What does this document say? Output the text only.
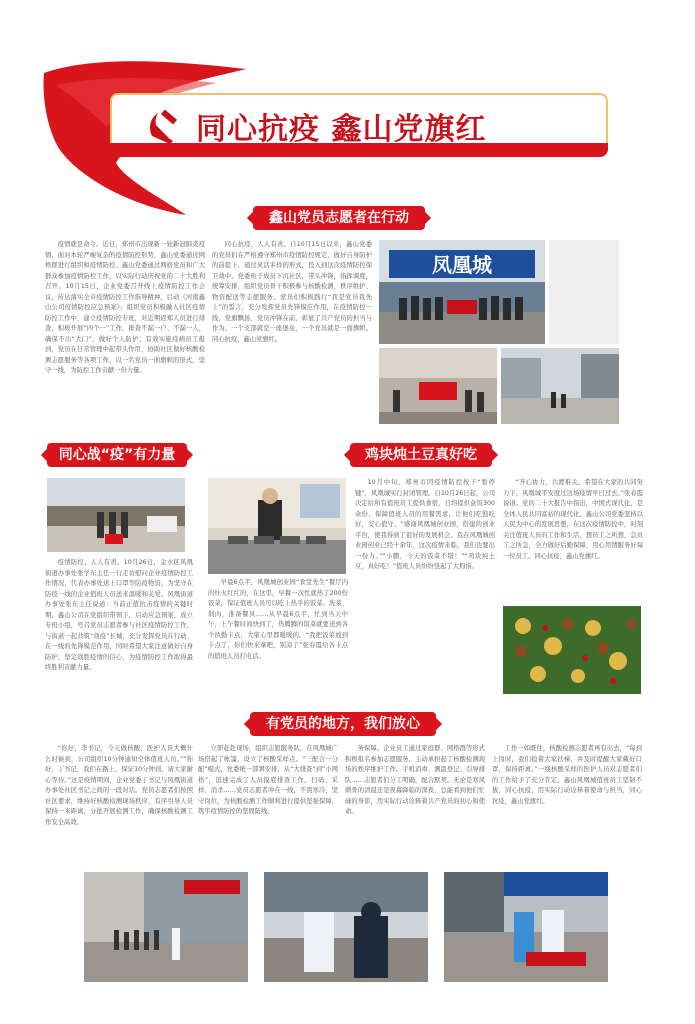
同心抗疫 鑫山党旗红
鑫山党员志愿者在行动

疫情就是命令。近日，郑州市出现新一轮新冠肺炎疫情，面对本轮严峻复杂的疫情防控形势，鑫山党委通过网格群进行组织和疫情防控。鑫山党委通过网格党员和广大群众参加疫情防控工作，以实际行动庆祝党的二十大胜利召开。10月15日，企业党委召开线上疫情防控工作会议，传达落实全市疫情防控工作指导精神，启动《河南鑫山公司疫情防控应急预案》；组织党员积极融入社区疫情防控工作中，建立疫情防控专班，对近期返郑人员进行排查，积极开展“四个一”工作，排查不漏一户、不漏一人，确保不出“大门”，做好个人防护；有效实施疫病员工报到，党员在日常管理中起带头作用，协助社区做好核酸检测志愿服务等各项工作，以一名党员一面旗帜的形式，坚守一线，为防控工作贡献一份力量。

同心抗疫，人人有责。自10月15日以来，鑫山党委的党员们在严格遵守郑州市疫情防控规定，做好自身防护的前提下，通过灵活多样的形式，投入到这次疫情防控保卫战中。党委班子成员下沉社区，带头冲锋，指挥调度，统筹安排，组织党员骨干积极参与核酸检测、秩序维护、物资配送等志愿服务。党员们积极践行“我是党员我先上”的誓言，充分发挥党员先锋模范作用，在疫情防控一线，党旗飘扬、党员冲锋在前，彰显了共产党员的担当与作为。一个支部就是一座堡垒，一个党员就是一面旗帜。同心抗疫，鑫山党旗红。

凤凰城
同心战“疫”有力量

疫情防控，人人有责。10月26日，金水区风凰街道办事处张学东主任一行走访慰问企业疫情防控工作情况，代表办事处送上口罩等防疫物资，为坚守在防疫一线的企业值班人员送来温暖和关爱。风凰街道办事处张东主任说道：当前正值抗击疫情的关键时期，鑫山公司在党组织带领下，启动应急预案，成立专班小组，号召党员志愿者参与社区疫情防控工作，与街道一起共筑“战疫”长城，充分发挥党员在行动、在一线的先锋模范作用，同时希望大家注意做好自身防护，坚定战胜疫情的信心，为疫情防控工作取得最终胜利贡献力量。

鸡块炖土豆真好吃

早晨6点半，风凰城创业园“食堂先生”餐厅内的灶火红红的，在这里，早餐一次性就热了200份饭菜，保证值班人员可以吃上热乎的饭菜。洗菜、剁肉、准备餐具……从早晨6点半，忙到当天中午，上午餐时间快到了，热腾腾的饭菜就要送到各个执勤卡点，大家心里都暖暖的。“我把饭菜放到卡点了，你们快来拿吧，别凉了”张春霞给各卡点的值班人员打电话。

10月中旬，郑州市因疫情防控按下“暂停键”，风凰城实行封闭管理。自10月26日起，公司决定给所有值班员工提供食宿，日均提供盒饭300余份，保障值班人员的用餐需求，让他们吃饱吃好，安心值守。“感谢风凰城创业园，搭建的创业平台，使我得到了很好的发展机会。我在风凰城创业园创业已经十余年，这次疫情来临，我们也要出一份力。”“小鹏，今天的饭菜不错！”“鸡块炖土豆，真好吃！”值班人员纷纷竖起了大拇指。

“齐心协力，共渡难关。希望在大家的共同努力下，风凰城平安度过这场疫情早日过去。”张春霞说道。党的二十大报告中指出，中国式现代化，是全体人民共同富裕的现代化。鑫山公司党委坚持以人民为中心的发展思想，在这次疫情防控中，时刻关注值班人员的工作和生活，想员工之所想，急员工之所急，全力做好后勤保障，用心用情服务好每一位员工。同心抗疫，鑫山党旗红。

有党员的地方，我们放心

“你好，李书记，今天做核酸，医护人员大概什么时候到，公司组织10分钟通知全体值班人员。”“你好，丁书记，我们在路上，保证10分钟到，请大家耐心等待。”这是疫情期间，企业党委丁书记与风凰街道办事处社区书记之间的一段对话。党员志愿者们按照社区要求，维持好核酸检测现场秩序，有序引导人员保持一米距离，分批开展检测工作，确保核酸检测工作安全高效。

立即赶赴现场，组织志愿服务队，在风凰城广场搭起了帐篷，设立了核酸采样点。“三配合一分配”模式，党委统一部署安排，从“大排查”到“小网格”，迅速完成了人员摸底排查工作。扫码、采样、消杀……党员志愿者冲在一线，不畏寒冷，坚守岗位，为核酸检测工作顺利进行提供坚强保障，筑牢疫情防控的坚固防线。

务保障。企业员工通过家庭群、网格群等形式积极报名参加志愿服务，主动承担起了核酸检测现场的秩序维护工作。手机消毒、测温登记、引导排队……志愿者们分工明确，配合默契。无论是寒风刺骨的清晨还是夜幕降临的深夜，总能看到他们忙碌的身影，用实际行动诠释着共产党员的初心和使命。

工作一如既往，核酸检测志愿者再有出去，“每到上岗时，我们抢着大家扶梯，并及时提醒大家戴好口罩，保持距离。”一线核酸采样的医护人员对志愿者们的工作给予了充分肯定。鑫山风凰城值班员工坚韧不拔，同心抗疫，用实际行动诠释着使命与担当，同心抗疫，鑫山党旗红。
